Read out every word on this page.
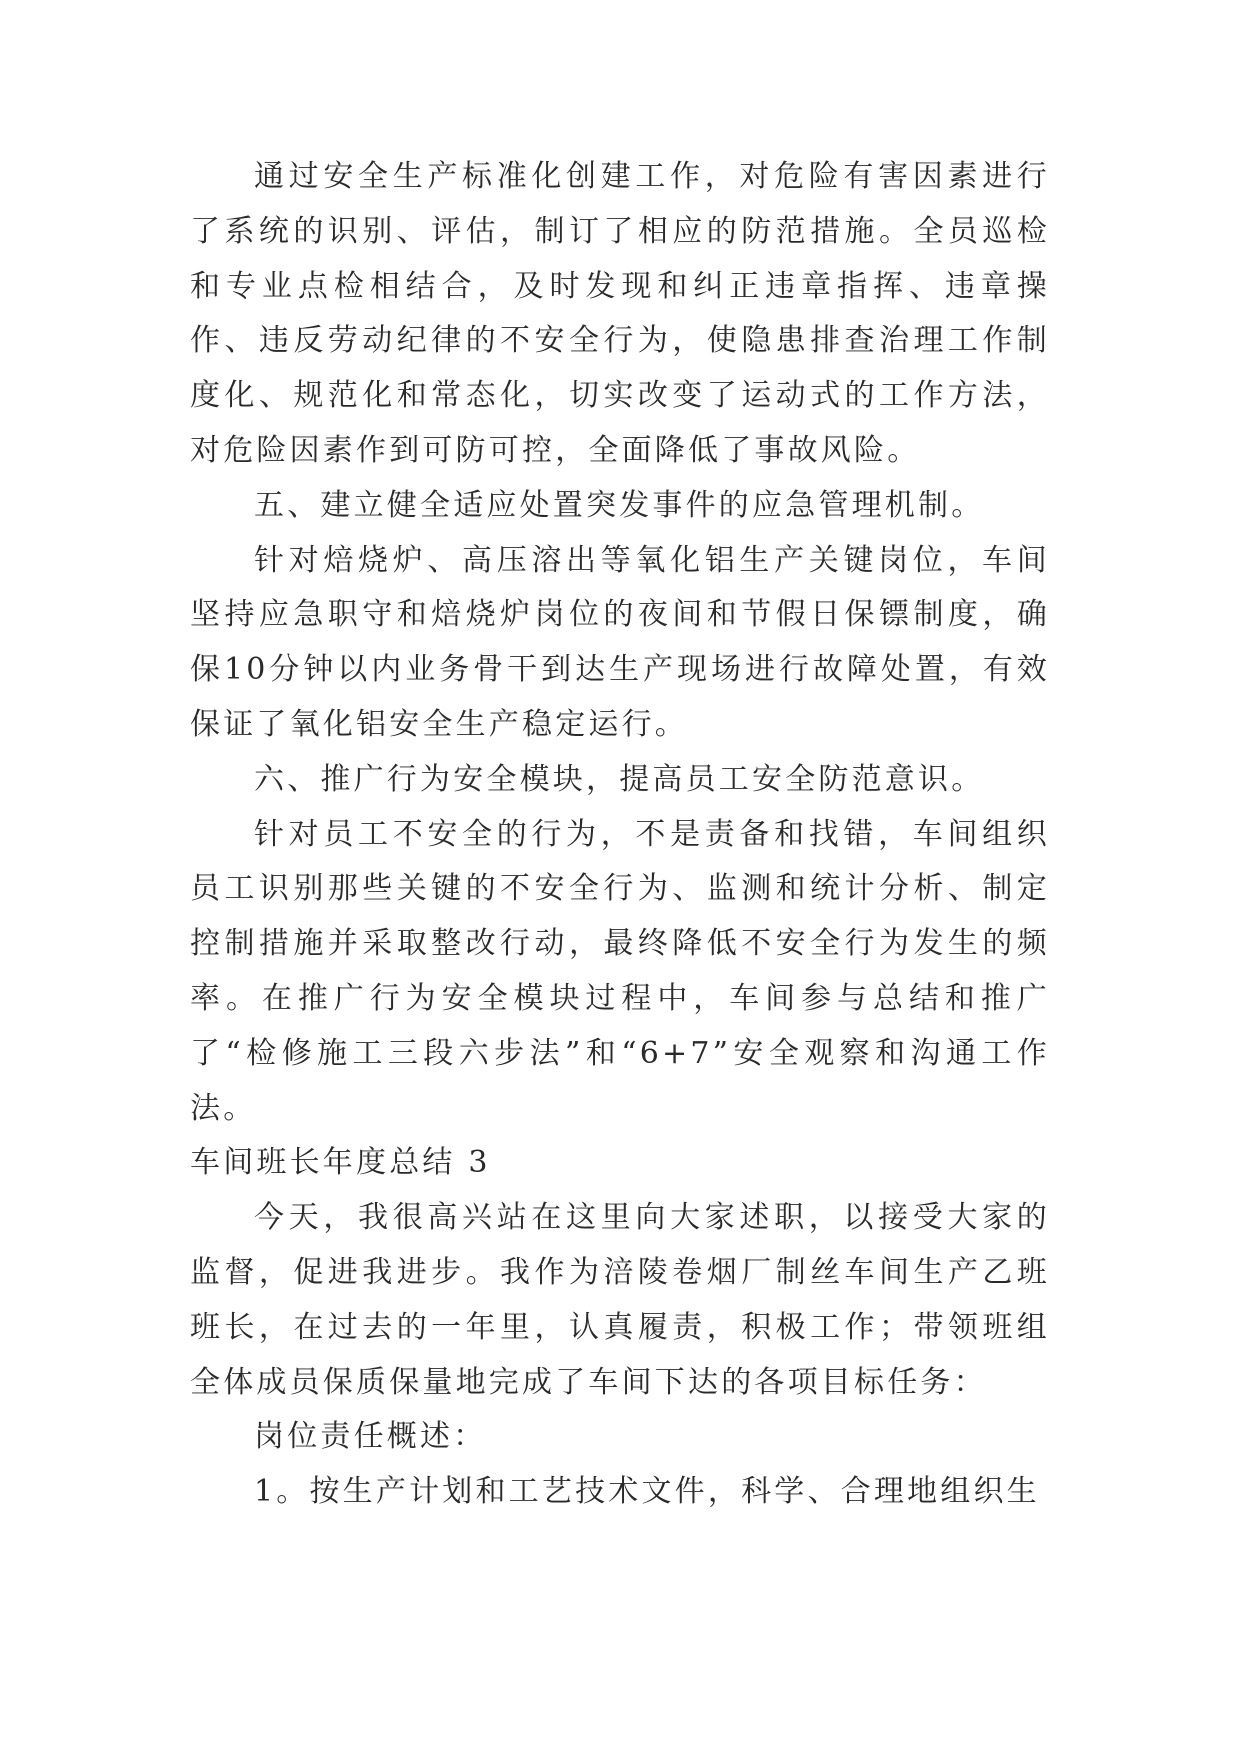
通过安全生产标准化创建工作，对危险有害因素进行了系统的识别、评估，制订了相应的防范措施。全员巡检和专业点检相结合，及时发现和纠正违章指挥、违章操作、违反劳动纪律的不安全行为，使隐患排查治理工作制度化、规范化和常态化，切实改变了运动式的工作方法，对危险因素作到可防可控，全面降低了事故风险。

五、建立健全适应处置突发事件的应急管理机制。

针对焙烧炉、高压溶出等氧化铝生产关键岗位，车间坚持应急职守和焙烧炉岗位的夜间和节假日保镖制度，确保10分钟以内业务骨干到达生产现场进行故障处置，有效保证了氧化铝安全生产稳定运行。

六、推广行为安全模块，提高员工安全防范意识。

针对员工不安全的行为，不是责备和找错，车间组织员工识别那些关键的不安全行为、监测和统计分析、制定控制措施并采取整改行动，最终降低不安全行为发生的频率。在推广行为安全模块过程中，车间参与总结和推广了“检修施工三段六步法”和“6+7”安全观察和沟通工作法。

车间班长年度总结 3

今天，我很高兴站在这里向大家述职，以接受大家的监督，促进我进步。我作为涪陵卷烟厂制丝车间生产乙班班长，在过去的一年里，认真履责，积极工作；带领班组全体成员保质保量地完成了车间下达的各项目标任务：

岗位责任概述：

1。按生产计划和工艺技术文件，科学、合理地组织生
